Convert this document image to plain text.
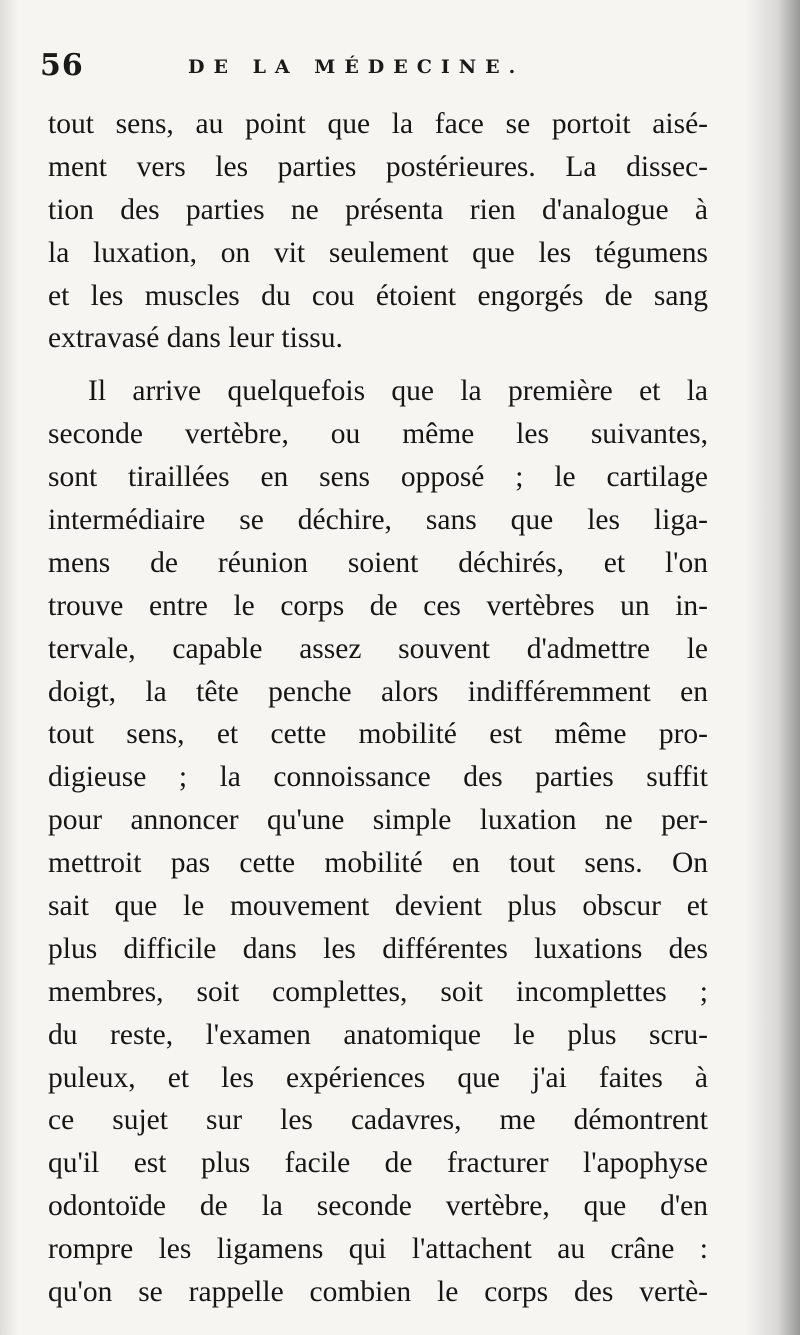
56	DE LA MÉDECINE.
tout sens, au point que la face se portoit aisé-
ment vers les parties postérieures. La dissec-
tion des parties ne présenta rien d'analogue à
la luxation, on vit seulement que les tégumens
et les muscles du cou étoient engorgés de sang
extravasé dans leur tissu.
Il arrive quelquefois que la première et la
seconde vertèbre, ou même les suivantes,
sont tiraillées en sens opposé ; le cartilage
intermédiaire se déchire, sans que les liga-
mens de réunion soient déchirés, et l'on
trouve entre le corps de ces vertèbres un in-
tervale, capable assez souvent d'admettre le
doigt, la tête penche alors indifféremment en
tout sens, et cette mobilité est même pro-
digieuse ; la connoissance des parties suffit
pour annoncer qu'une simple luxation ne per-
mettroit pas cette mobilité en tout sens. On
sait que le mouvement devient plus obscur et
plus difficile dans les différentes luxations des
membres, soit complettes, soit incomplettes ;
du reste, l'examen anatomique le plus scru-
puleux, et les expériences que j'ai faites à
ce sujet sur les cadavres, me démontrent
qu'il est plus facile de fracturer l'apophyse
odontoïde de la seconde vertèbre, que d'en
rompre les ligamens qui l'attachent au crâne :
qu'on se rappelle combien le corps des vertè-
